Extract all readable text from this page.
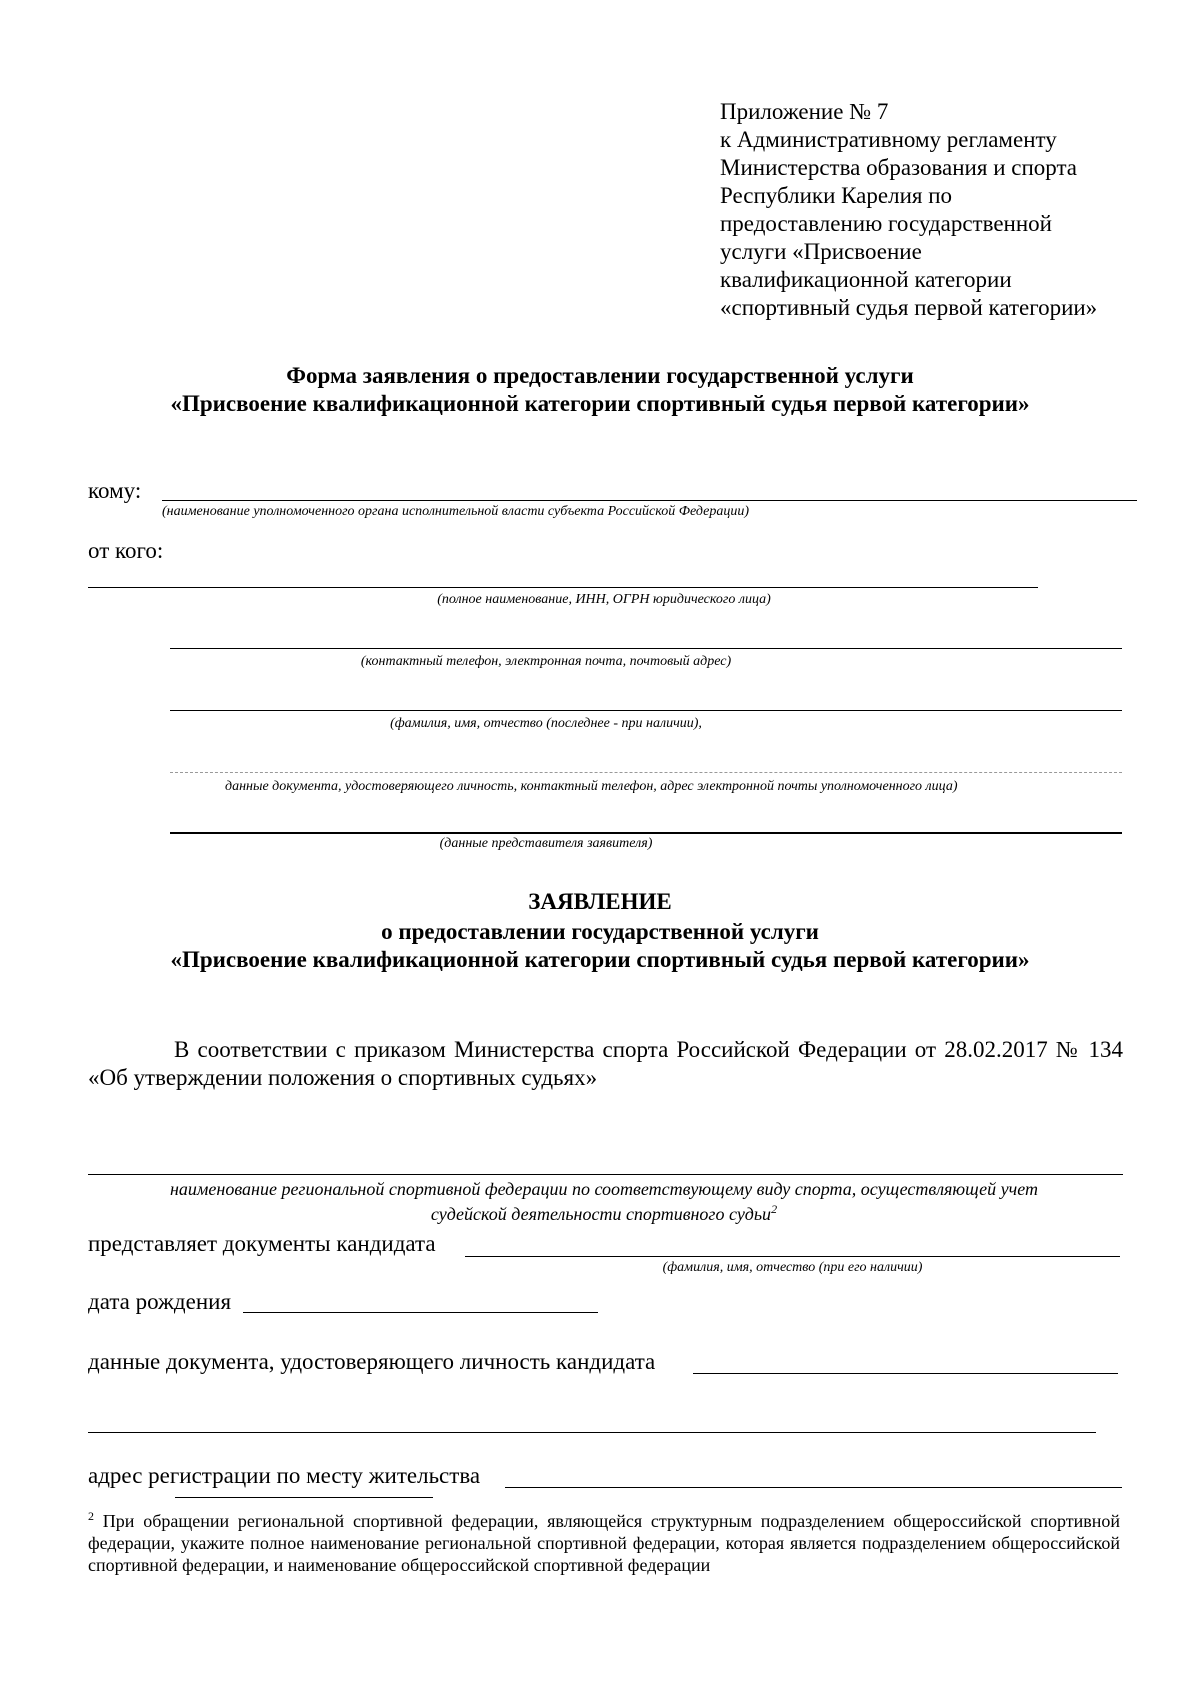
Приложение № 7
к Административному регламенту
Министерства образования и спорта
Республики Карелия по
предоставлению государственной
услуги «Присвоение
квалификационной категории
«спортивный судья первой категории»
Форма заявления о предоставлении государственной услуги
«Присвоение квалификационной категории спортивный судья первой категории»
кому:
(наименование уполномоченного органа исполнительной власти субъекта Российской Федерации)
от кого:
(полное наименование, ИНН, ОГРН юридического лица)
(контактный телефон, электронная почта, почтовый адрес)
(фамилия, имя, отчество (последнее - при наличии),
данные документа, удостоверяющего личность, контактный телефон, адрес электронной почты уполномоченного лица)
(данные представителя заявителя)
ЗАЯВЛЕНИЕ
о предоставлении государственной услуги
«Присвоение квалификационной категории спортивный судья первой категории»
В соответствии с приказом Министерства спорта Российской Федерации от 28.02.2017 № 134 «Об утверждении положения о спортивных судьях»
наименование региональной спортивной федерации по соответствующему виду спорта, осуществляющей учет
судейской деятельности спортивного судьи$^2$
представляет документы кандидата
(фамилия, имя, отчество (при его наличии)
дата рождения
данные документа, удостоверяющего личность кандидата
адрес регистрации по месту жительства
$^2$ При обращении региональной спортивной федерации, являющейся структурным подразделением общероссийской спортивной федерации, укажите полное наименование региональной спортивной федерации, которая является подразделением общероссийской спортивной федерации, и наименование общероссийской спортивной федерации
